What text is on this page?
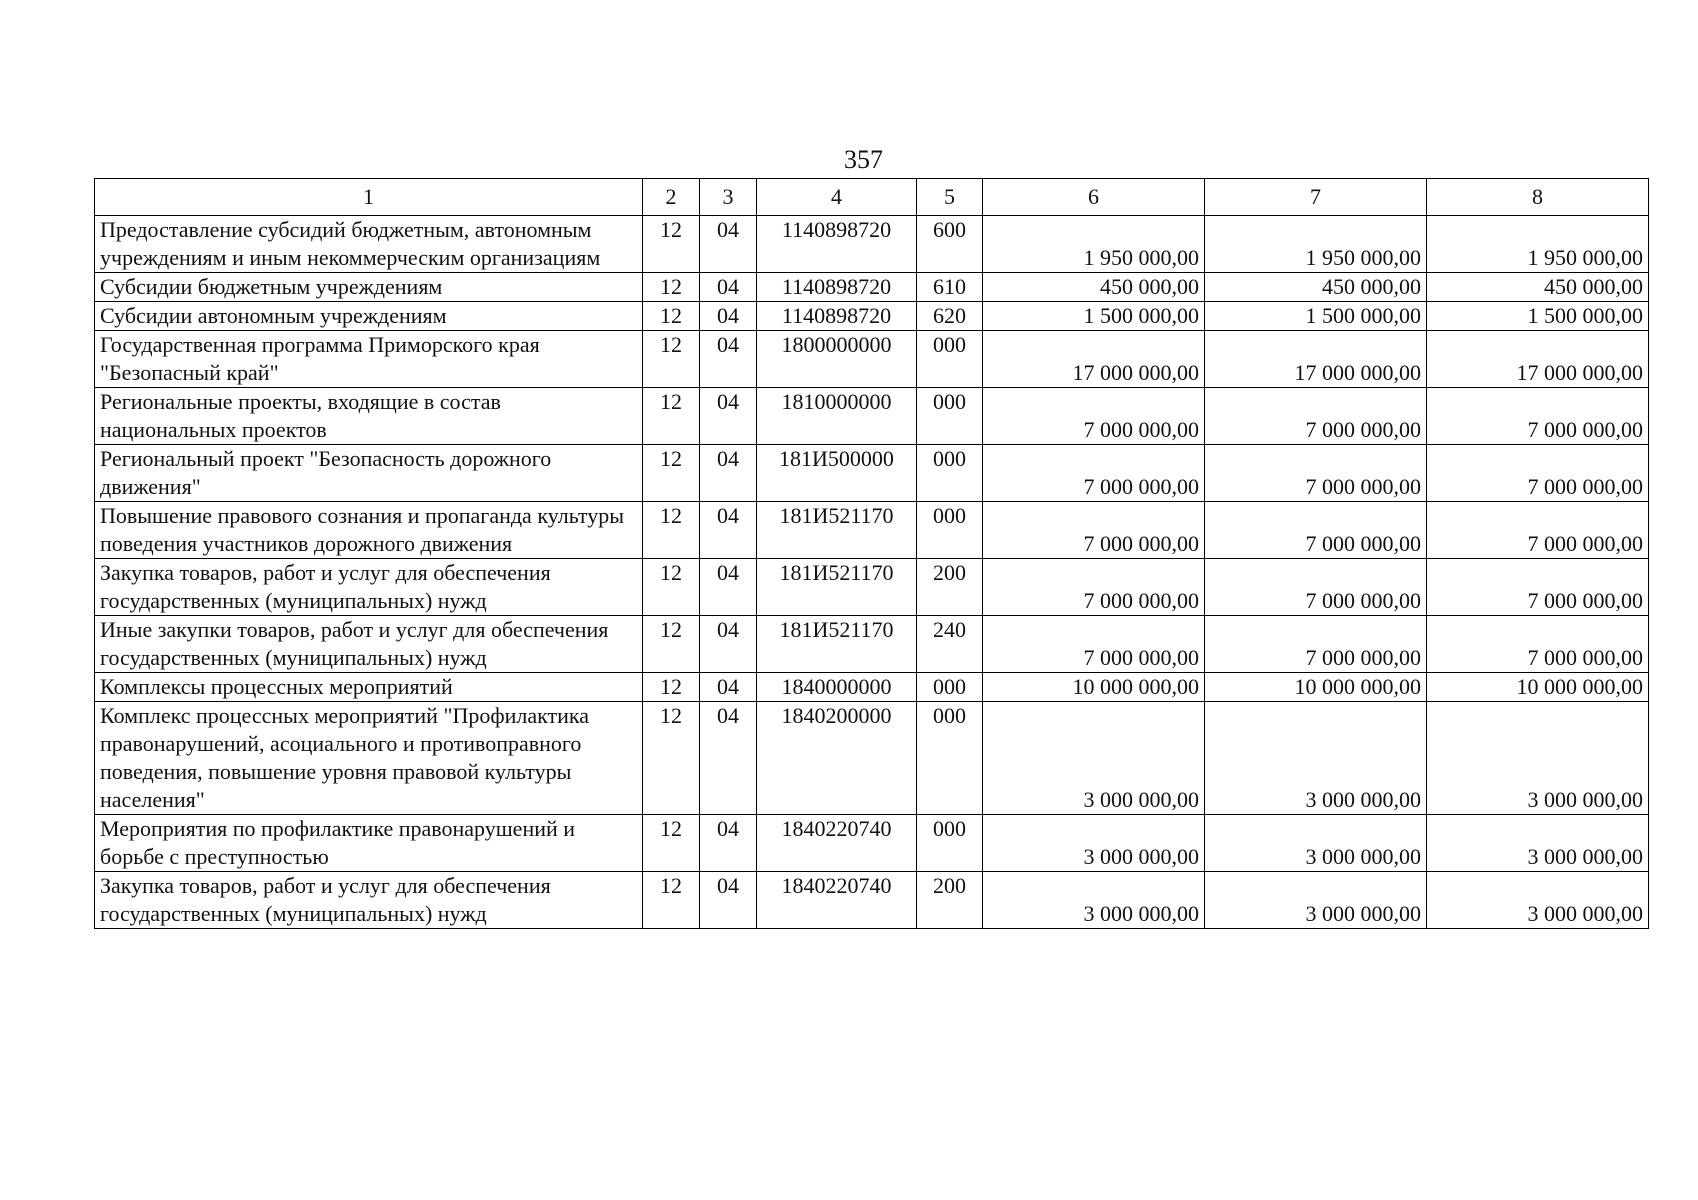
357
1	2	3	4	5	6	7	8
Предоставление субсидий бюджетным, автономным учреждениям и иным некоммерческим организациям	12	04	1140898720	600	1 950 000,00	1 950 000,00	1 950 000,00
Субсидии бюджетным учреждениям	12	04	1140898720	610	450 000,00	450 000,00	450 000,00
Субсидии автономным учреждениям	12	04	1140898720	620	1 500 000,00	1 500 000,00	1 500 000,00
Государственная программа Приморского края "Безопасный край"	12	04	1800000000	000	17 000 000,00	17 000 000,00	17 000 000,00
Региональные проекты, входящие в состав национальных проектов	12	04	1810000000	000	7 000 000,00	7 000 000,00	7 000 000,00
Региональный проект "Безопасность дорожного движения"	12	04	181И500000	000	7 000 000,00	7 000 000,00	7 000 000,00
Повышение правового сознания и пропаганда культуры поведения участников дорожного движения	12	04	181И521170	000	7 000 000,00	7 000 000,00	7 000 000,00
Закупка товаров, работ и услуг для обеспечения государственных (муниципальных) нужд	12	04	181И521170	200	7 000 000,00	7 000 000,00	7 000 000,00
Иные закупки товаров, работ и услуг для обеспечения государственных (муниципальных) нужд	12	04	181И521170	240	7 000 000,00	7 000 000,00	7 000 000,00
Комплексы процессных мероприятий	12	04	1840000000	000	10 000 000,00	10 000 000,00	10 000 000,00
Комплекс процессных мероприятий "Профилактика правонарушений, асоциального и противоправного поведения, повышение уровня правовой культуры населения"	12	04	1840200000	000	3 000 000,00	3 000 000,00	3 000 000,00
Мероприятия по профилактике правонарушений и борьбе с преступностью	12	04	1840220740	000	3 000 000,00	3 000 000,00	3 000 000,00
Закупка товаров, работ и услуг для обеспечения государственных (муниципальных) нужд	12	04	1840220740	200	3 000 000,00	3 000 000,00	3 000 000,00
